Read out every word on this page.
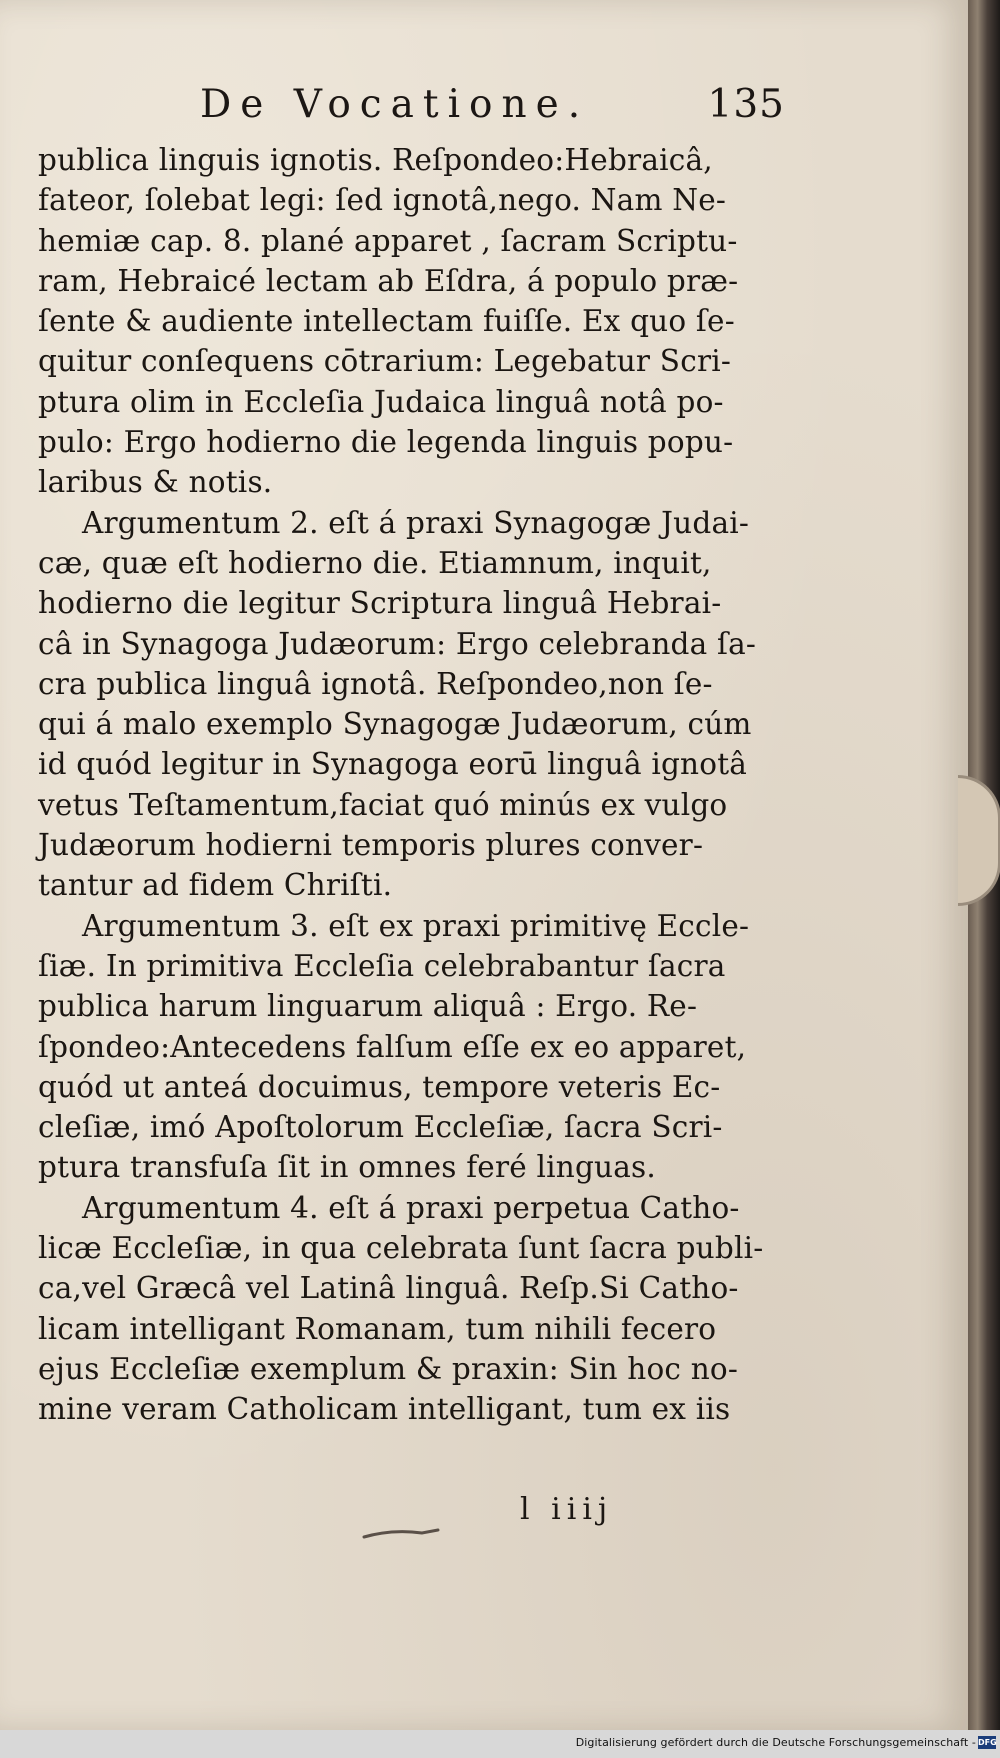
De Vocatione.	135
publica linguis ignotis. Reſpondeo:Hebraicâ,
fateor, ſolebat legi: ſed ignotâ,nego. Nam Ne-
hemiæ cap. 8. plané apparet , ſacram Scriptu-
ram, Hebraicé lectam ab Eſdra, á populo præ-
ſente & audiente intellectam fuiſſe. Ex quo ſe-
quitur conſequens cōtrarium: Legebatur Scri-
ptura olim in Eccleſia Judaica linguâ notâ po-
pulo: Ergo hodierno die legenda linguis popu-
laribus & notis.
Argumentum 2. eſt á praxi Synagogæ Judai-
cæ, quæ eſt hodierno die. Etiamnum, inquit,
hodierno die legitur Scriptura linguâ Hebrai-
câ in Synagoga Judæorum: Ergo celebranda ſa-
cra publica linguâ ignotâ. Reſpondeo,non ſe-
qui á malo exemplo Synagogæ Judæorum, cúm
id quód legitur in Synagoga eorū linguâ ignotâ
vetus Teſtamentum,faciat quó minús ex vulgo
Judæorum hodierni temporis plures conver-
tantur ad fidem Chriſti.
Argumentum 3. eſt ex praxi primitivę Eccle-
ſiæ. In primitiva Eccleſia celebrabantur ſacra
publica harum linguarum aliquâ : Ergo. Re-
ſpondeo:Antecedens falſum eſſe ex eo apparet,
quód ut anteá docuimus, tempore veteris Ec-
cleſiæ, imó Apoſtolorum Eccleſiæ, ſacra Scri-
ptura transfuſa ſit in omnes feré linguas.
Argumentum 4. eſt á praxi perpetua Catho-
licæ Eccleſiæ, in qua celebrata ſunt ſacra publi-
ca,vel Græcâ vel Latinâ linguâ. Reſp.Si Catho-
licam intelligant Romanam, tum nihili fecero
ejus Eccleſiæ exemplum & praxin: Sin hoc no-
mine veram Catholicam intelligant, tum ex iis
l iiij
Digitalisierung gefördert durch die Deutsche Forschungsgemeinschaft - DFG
